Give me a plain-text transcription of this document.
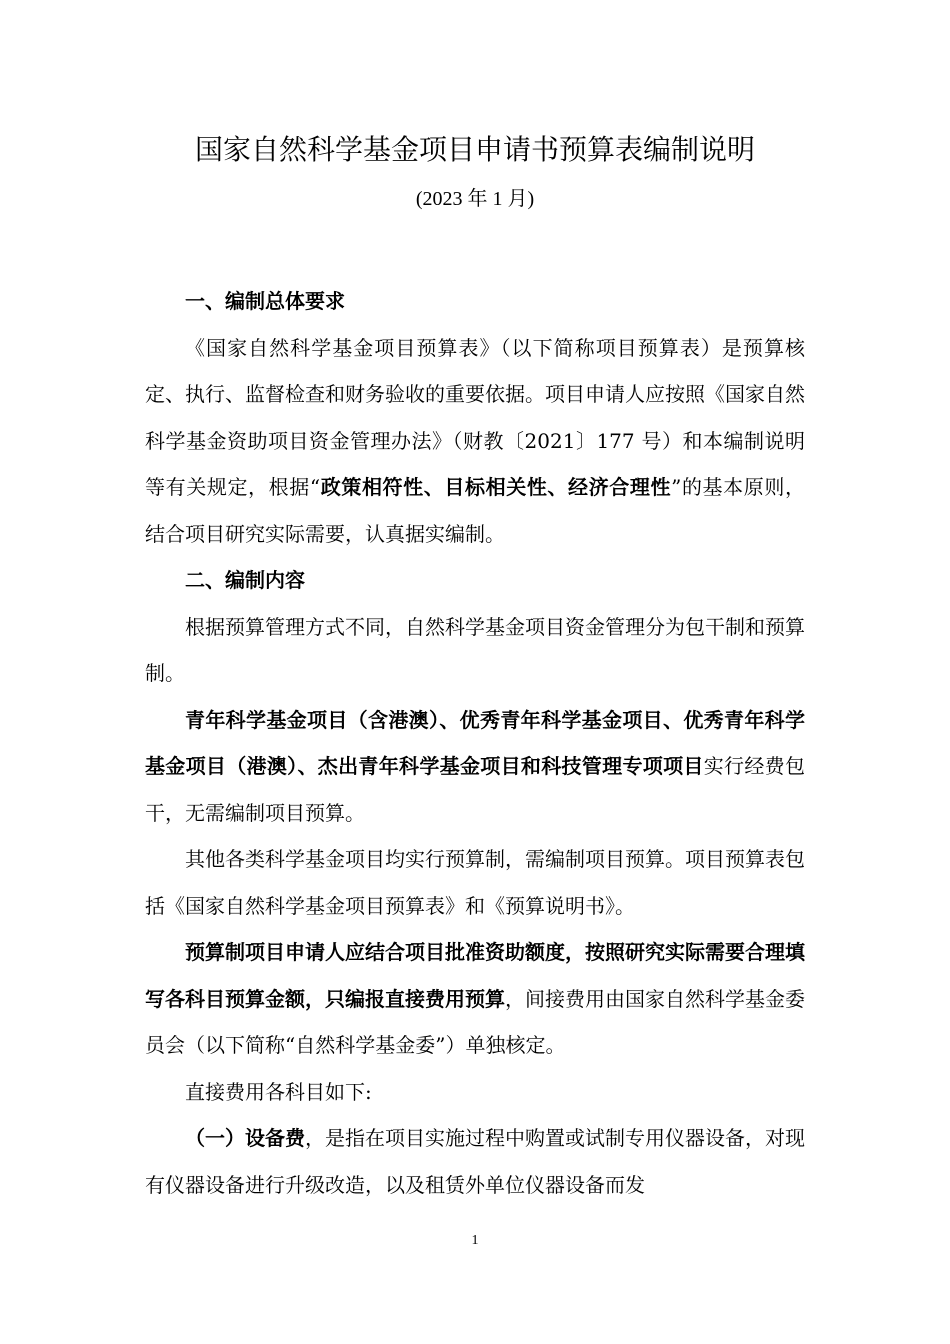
国家自然科学基金项目申请书预算表编制说明
(2023 年 1 月)

一、编制总体要求

《国家自然科学基金项目预算表》（以下简称项目预算表）是预算核定、执行、监督检查和财务验收的重要依据。项目申请人应按照《国家自然科学基金资助项目资金管理办法》（财教〔2021〕177 号）和本编制说明等有关规定，根据“政策相符性、目标相关性、经济合理性”的基本原则，结合项目研究实际需要，认真据实编制。

二、编制内容

根据预算管理方式不同，自然科学基金项目资金管理分为包干制和预算制。

青年科学基金项目（含港澳）、优秀青年科学基金项目、优秀青年科学基金项目（港澳）、杰出青年科学基金项目和科技管理专项项目实行经费包干，无需编制项目预算。

其他各类科学基金项目均实行预算制，需编制项目预算。项目预算表包括《国家自然科学基金项目预算表》和《预算说明书》。

预算制项目申请人应结合项目批准资助额度，按照研究实际需要合理填写各科目预算金额，只编报直接费用预算，间接费用由国家自然科学基金委员会（以下简称“自然科学基金委”）单独核定。

直接费用各科目如下:

（一）设备费，是指在项目实施过程中购置或试制专用仪器设备，对现有仪器设备进行升级改造，以及租赁外单位仪器设备而发

1
